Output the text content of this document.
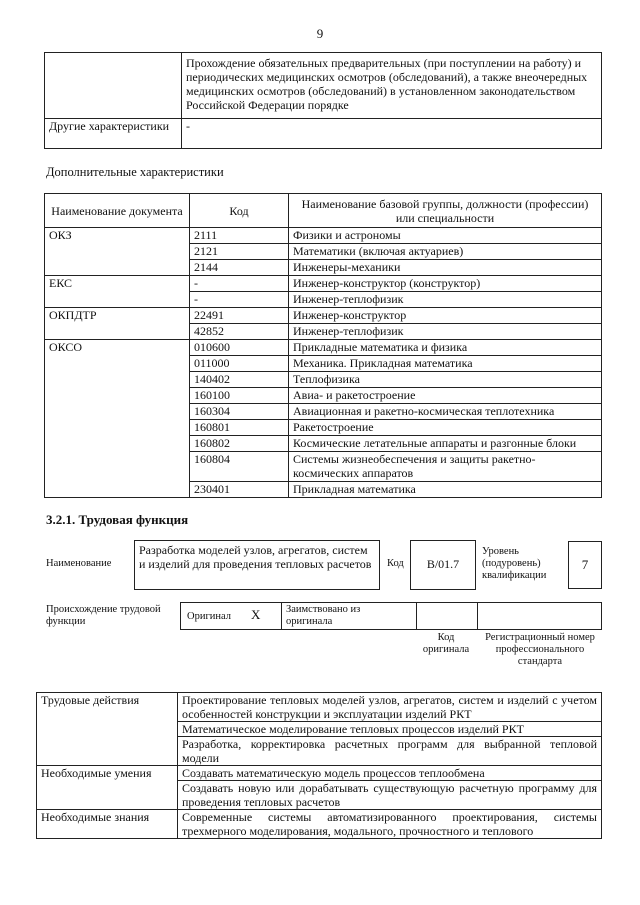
9
	Прохождение обязательных предварительных (при поступлении на работу) и периодических медицинских осмотров (обследований), а также внеочередных медицинских осмотров (обследований) в установленном законодательством Российской Федерации порядке
Другие характеристики	-
Дополнительные характеристики
Наименование документа	Код	Наименование базовой группы, должности (профессии) или специальности
ОКЗ	2111	Физики и астрономы
	2121	Математики (включая актуариев)
	2144	Инженеры-механики
ЕКС	-	Инженер-конструктор (конструктор)
	-	Инженер-теплофизик
ОКПДТР	22491	Инженер-конструктор
	42852	Инженер-теплофизик
ОКСО	010600	Прикладные математика и физика
	011000	Механика. Прикладная математика
	140402	Теплофизика
	160100	Авиа- и ракетостроение
	160304	Авиационная и ракетно-космическая теплотехника
	160801	Ракетостроение
	160802	Космические летательные аппараты и разгонные блоки
	160804	Системы жизнеобеспечения и защиты ракетно-космических аппаратов
	230401	Прикладная математика
3.2.1. Трудовая функция
Наименование
Разработка моделей узлов, агрегатов, систем и изделий для проведения тепловых расчетов	Код	B/01.7
Уровень (подуровень) квалификации
7
Происхождение трудовой функции	Оригинал X Заимствовано из оригинала
Код оригинала
Регистрационный номер профессионального стандарта
Трудовые действия	Проектирование тепловых моделей узлов, агрегатов, систем и изделий с учетом особенностей конструкции и эксплуатации изделий РКТ
	Математическое моделирование тепловых процессов изделий РКТ
	Разработка, корректировка расчетных программ для выбранной тепловой модели
Необходимые умения	Создавать математическую модель процессов теплообмена
	Создавать новую или дорабатывать существующую расчетную программу для проведения тепловых расчетов
Необходимые знания	Современные системы автоматизированного проектирования, системы трехмерного моделирования, модального, прочностного и теплового
